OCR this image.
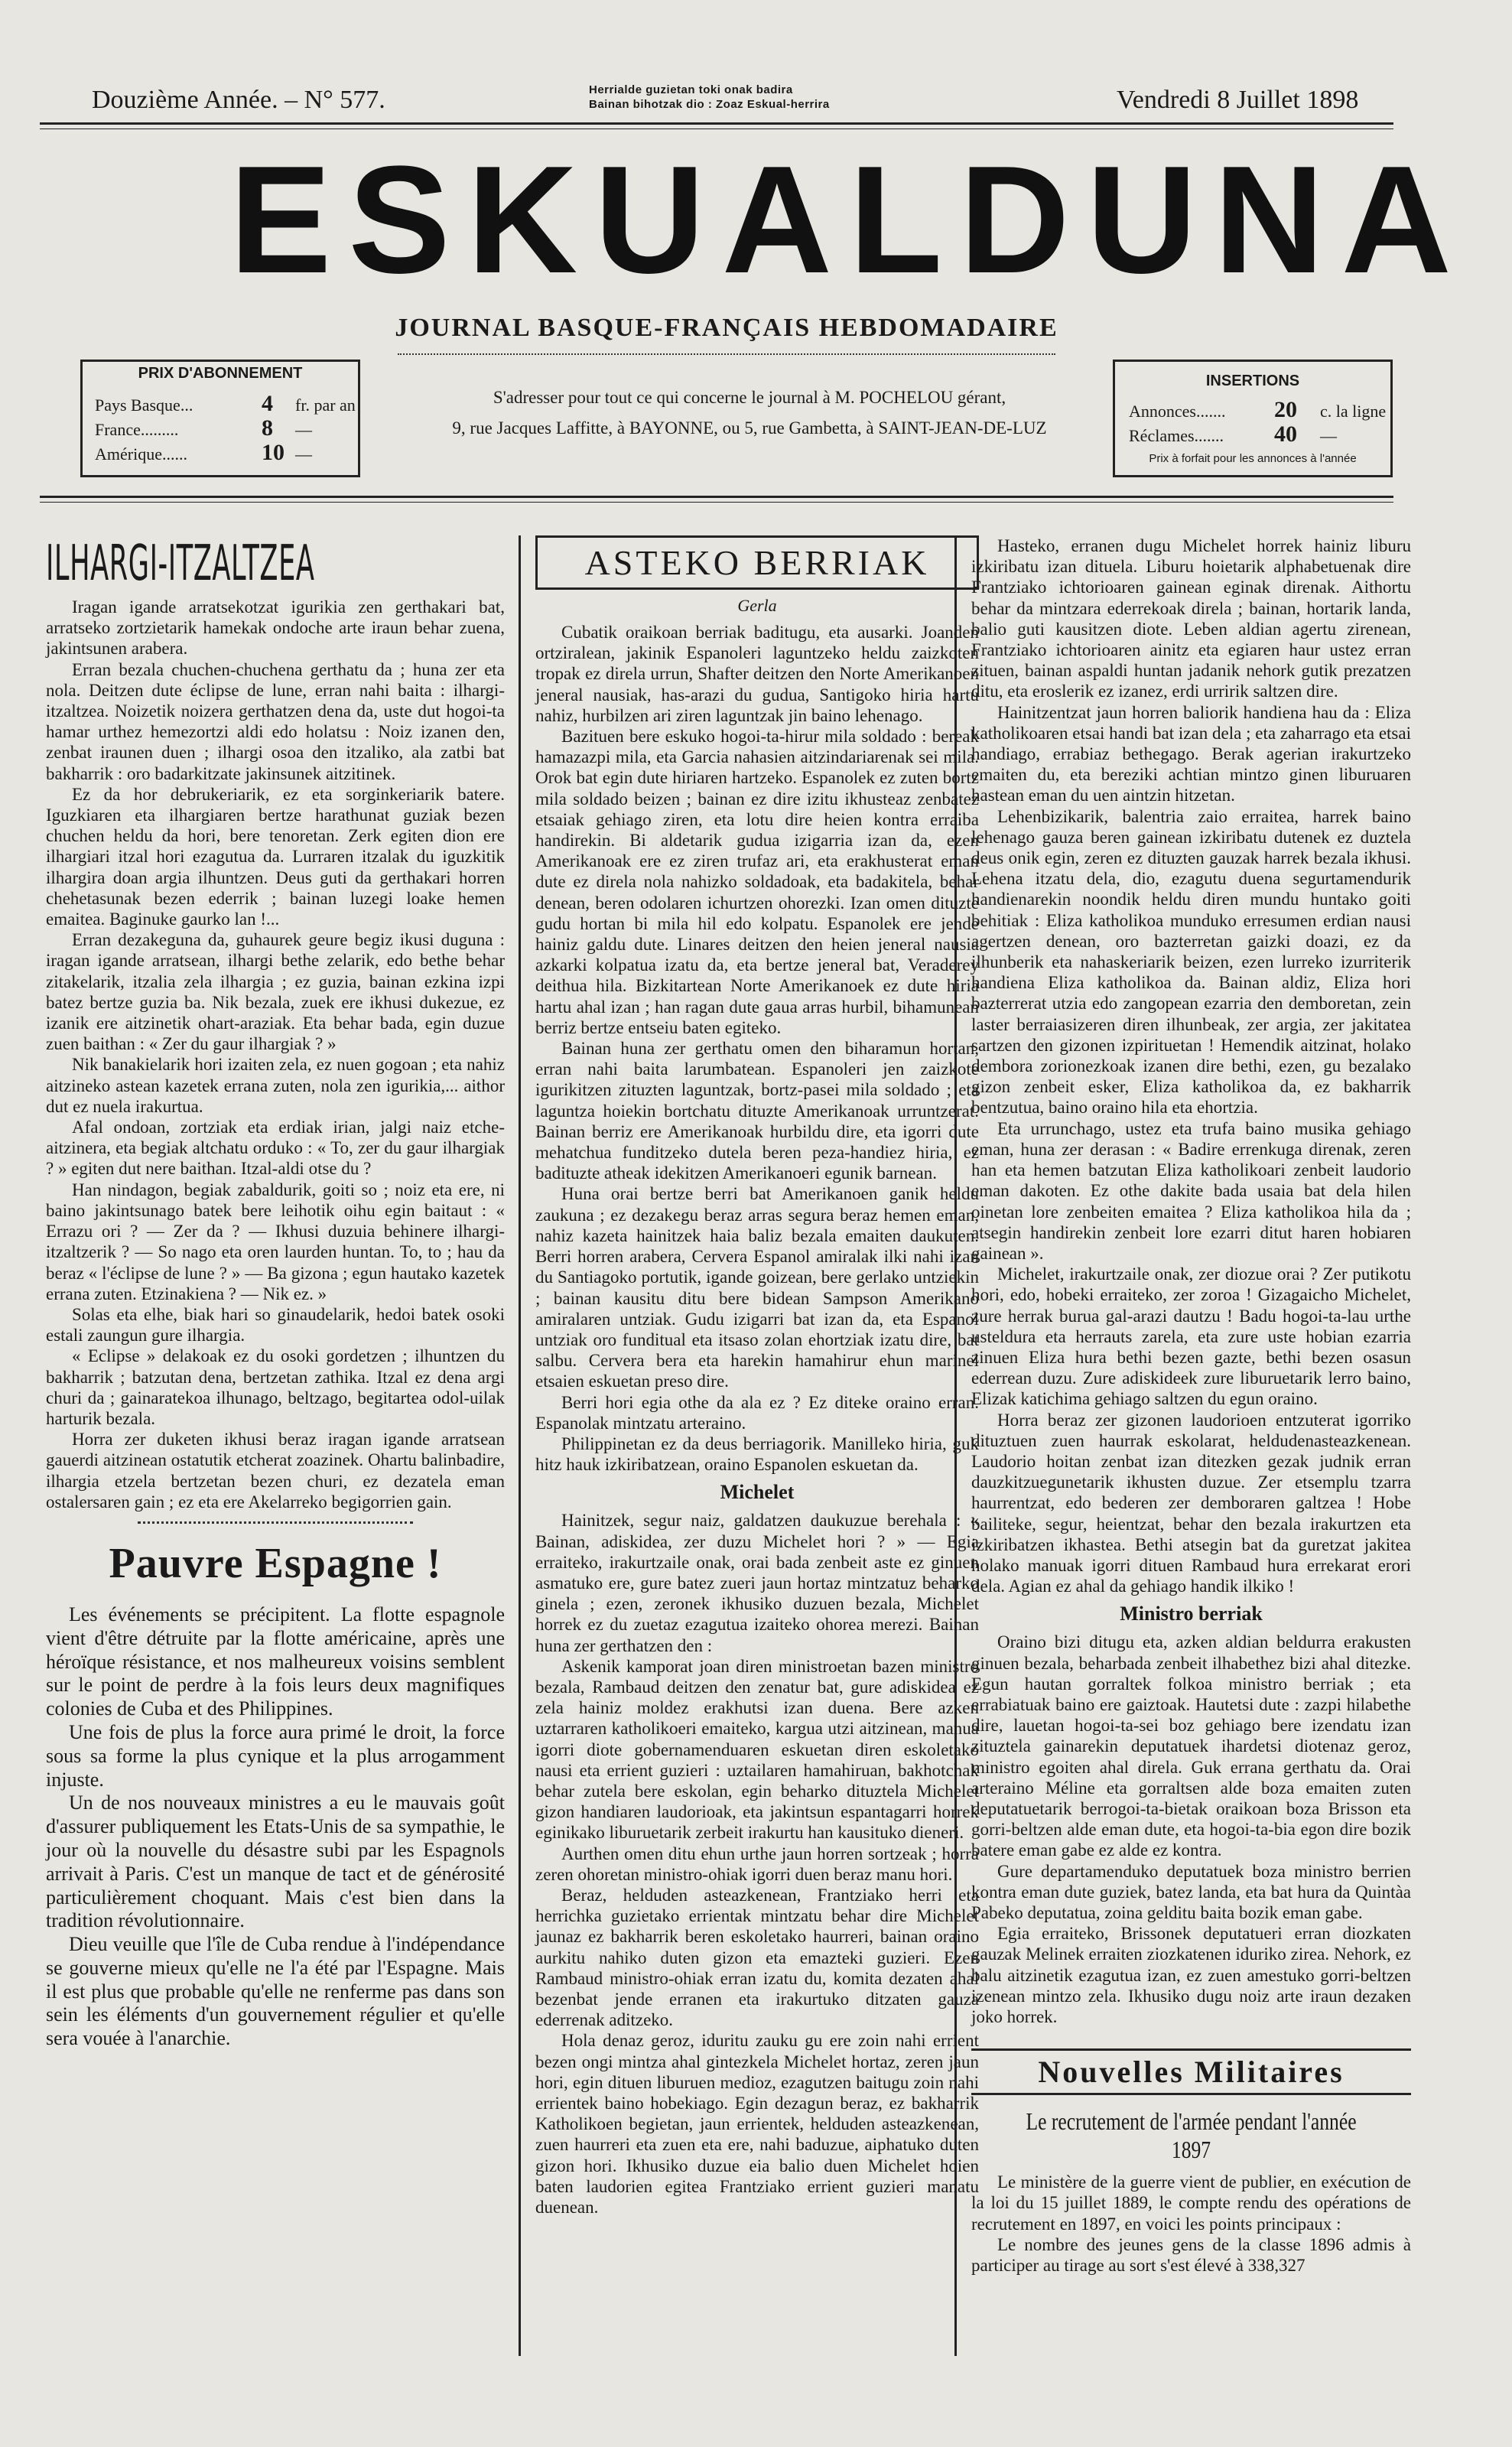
Douzième Année. – N° 577.	Herrialde guzietan toki onak badira
Bainan bihotzak dio : Zoaz Eskual-herrira	Vendredi 8 Juillet 1898
ESKUALDUNA
JOURNAL BASQUE-FRANÇAIS HEBDOMADAIRE
PRIX D'ABONNEMENT
Pays Basque...	4 fr. par an
France.........	8 —
Amérique......	10 —
S'adresser pour tout ce qui concerne le journal à M. POCHELOU gérant,
9, rue Jacques Laffitte, à BAYONNE, ou 5, rue Gambetta, à SAINT-JEAN-DE-LUZ
INSERTIONS
Annonces....... 20 c. la ligne
Réclames....... 40 —
Prix à forfait pour les annonces à l'année
ILHARGI-ITZALTZEA

Iragan igande arratsekotzat igurikia zen gerthakari bat, arratseko zortzietarik hamekak ondoche arte iraun behar zuena, jakintsunen arabera.

Erran bezala chuchen-chuchena gerthatu da ; huna zer eta nola. Deitzen dute éclipse de lune, erran nahi baita : ilhargi-itzaltzea. Noizetik noizera gerthatzen dena da, uste dut hogoi-ta hamar urthez hemezortzi aldi edo holatsu : Noiz izanen den, zenbat iraunen duen ; ilhargi osoa den itzaliko, ala zatbi bat bakharrik : oro badarkitzate jakinsunek aitzitinek.

Ez da hor debrukeriarik, ez eta sorginkeriarik batere. Iguzkiaren eta ilhargiaren bertze harathunat guziak bezen chuchen heldu da hori, bere tenoretan. Zerk egiten dion ere ilhargiari itzal hori ezagutua da. Lurraren itzalak du iguzkitik ilhargira doan argia ilhuntzen. Deus guti da gerthakari horren chehetasunak bezen ederrik ; bainan luzegi loake hemen emaitea. Baginuke gaurko lan !...

Erran dezakeguna da, guhaurek geure begiz ikusi duguna : iragan igande arratsean, ilhargi bethe zelarik, edo bethe behar zitakelarik, itzalia zela ilhargia ; ez guzia, bainan ezkina izpi batez bertze guzia ba. Nik bezala, zuek ere ikhusi dukezue, ez izanik ere aitzinetik ohart-araziak. Eta behar bada, egin duzue zuen baithan : « Zer du gaur ilhargiak ? »

Nik banakielarik hori izaiten zela, ez nuen gogoan ; eta nahiz aitzineko astean kazetek errana zuten, nola zen igurikia,... aithor dut ez nuela irakurtua.

Afal ondoan, zortziak eta erdiak irian, jalgi naiz etche-aitzinera, eta begiak altchatu orduko : « To, zer du gaur ilhargiak ? » egiten dut nere baithan. Itzal-aldi otse du ?

Han nindagon, begiak zabaldurik, goiti so ; noiz eta ere, ni baino jakintsunago batek bere leihotik oihu egin baitaut : « Errazu ori ? — Zer da ? — Ikhusi duzuia behinere ilhargi-itzaltzerik ? — So nago eta oren laurden huntan. To, to ; hau da beraz « l'éclipse de lune ? » — Ba gizona ; egun hautako kazetek errana zuten. Etzinakiena ? — Nik ez. »

Solas eta elhe, biak hari so ginaudelarik, hedoi batek osoki estali zaungun gure ilhargia.

« Eclipse » delakoak ez du osoki gordetzen ; ilhuntzen du bakharrik ; batzutan dena, bertzetan zathika. Itzal ez dena argi churi da ; gainaratekoa ilhunago, beltzago, begitartea odol-uilak harturik bezala.

Horra zer duketen ikhusi beraz iragan igande arratsean gauerdi aitzinean ostatutik etcherat zoazinek. Ohartu balinbadire, ilhargia etzela bertzetan bezen churi, ez dezatela eman ostalersaren gain ; ez eta ere Akelarreko begigorrien gain.

Pauvre Espagne !

Les événements se précipitent. La flotte espagnole vient d'être détruite par la flotte américaine, après une héroïque résistance, et nos malheureux voisins semblent sur le point de perdre à la fois leurs deux magnifiques colonies de Cuba et des Philippines.

Une fois de plus la force aura primé le droit, la force sous sa forme la plus cynique et la plus arrogamment injuste.

Un de nos nouveaux ministres a eu le mauvais goût d'assurer publiquement les Etats-Unis de sa sympathie, le jour où la nouvelle du désastre subi par les Espagnols arrivait à Paris. C'est un manque de tact et de générosité particulièrement choquant. Mais c'est bien dans la tradition révolutionnaire.

Dieu veuille que l'île de Cuba rendue à l'indépendance se gouverne mieux qu'elle ne l'a été par l'Espagne. Mais il est plus que probable qu'elle ne renferme pas dans son sein les éléments d'un gouvernement régulier et qu'elle sera vouée à l'anarchie.

ASTEKO BERRIAK
Gerla

Cubatik oraikoan berriak baditugu, eta ausarki. Joanden ortziralean, jakinik Espanoleri laguntzeko heldu zaizkoten tropak ez direla urrun, Shafter deitzen den Norte Amerikanoen jeneral nausiak, has-arazi du gudua, Santigoko hiria hartu nahiz, hurbilzen ari ziren laguntzak jin baino lehenago.

Bazituen bere eskuko hogoi-ta-hirur mila soldado : bereak hamazazpi mila, eta Garcia nahasien aitzindariarenak sei mila. Orok bat egin dute hiriaren hartzeko. Espanolek ez zuten bortz mila soldado beizen ; bainan ez dire izitu ikhusteaz zenbatez etsaiak gehiago ziren, eta lotu dire heien kontra erraiba handirekin. Bi aldetarik gudua izigarria izan da, ezen Amerikanoak ere ez ziren trufaz ari, eta erakhusterat eman dute ez direla nola nahizko soldadoak, eta badakitela, behar denean, beren odolaren ichurtzen ohorezki. Izan omen dituzte gudu hortan bi mila hil edo kolpatu. Espanolek ere jende hainiz galdu dute. Linares deitzen den heien jeneral nausia azkarki kolpatua izatu da, eta bertze jeneral bat, Veraderey deithua hila. Bizkitartean Norte Amerikanoek ez dute hiria hartu ahal izan ; han ragan dute gaua arras hurbil, bihamunean berriz bertze entseiu baten egiteko.

Bainan huna zer gerthatu omen den biharamun hortan, erran nahi baita larumbatean. Espanoleri jen zaizkote igurikitzen zituzten laguntzak, bortz-pasei mila soldado ; eta laguntza hoiekin bortchatu dituzte Amerikanoak urruntzerat. Bainan berriz ere Amerikanoak hurbildu dire, eta igorri dute mehatchua funditzeko dutela beren peza-handiez hiria, ez badituzte atheak idekitzen Amerikanoeri egunik barnean.

Huna orai bertze berri bat Amerikanoen ganik heldu zaukuna ; ez dezakegu beraz arras segura beraz hemen eman, nahiz kazeta hainitzek haia baliz bezala emaiten daukuten. Berri horren arabera, Cervera Espanol amiralak ilki nahi izan du Santiagoko portutik, igande goizean, bere gerlako untziekin ; bainan kausitu ditu bere bidean Sampson Amerikano amiralaren untziak. Gudu izigarri bat izan da, eta Espanol untziak oro funditual eta itsaso zolan ehortziak izatu dire, bat salbu. Cervera bera eta harekin hamahirur ehun marinel etsaien eskuetan preso dire.

Berri hori egia othe da ala ez ? Ez ditekе oraino erran. Espanolak mintzatu arteraino.

Philippinetan ez da deus berriagorik. Manilleko hiria, guk hitz hauk izkiribatzean, oraino Espanolen eskuetan da.

Michelet

Hainitzek, segur naiz, galdatzen daukuzue berehala : « Bainan, adiskidea, zer duzu Michelet hori ? » — Egia erraiteko, irakurtzaile onak, orai bada zenbeit aste ez ginuen asmatuko ere, gure batez zueri jaun hortaz mintzatuz beharko ginela ; ezen, zeronek ikhusiko duzuen bezala, Michelet horrek ez du zuetaz ezagutua izaiteko ohorea merezi. Bainan huna zer gerthatzen den :

Askenik kamporat joan diren ministroetan bazen ministro bezala, Rambaud deitzen den zenatur bat, gure adiskidea ez zela hainiz moldez erakhutsi izan duena. Bere azken uztarraren katholikoeri emaiteko, kargua utzi aitzinean, manua igorri diote gobernamenduaren eskuetan diren eskoletako nausi eta errient guzieri : uztailaren hamahiruan, bakhotchak behar zutela bere eskolan, egin beharko dituztela Michelet gizon handiaren laudorioak, eta jakintsun espantagarri horrek eginikako liburuetarik zerbeit irakurtu han kausituko dieneri.

Aurthen omen ditu ehun urthe jaun horren sortzeak ; horra zeren ohoretan ministro-ohiak igorri duen beraz manu hori.

Beraz, helduden asteazkenean, Frantziako herri eta herrichka guzietako errientak mintzatu behar dire Michelet jaunaz ez bakharrik beren eskoletako haurreri, bainan oraino aurkitu nahiko duten gizon eta emazteki guzieri. Ezen Rambaud ministro-ohiak erran izatu du, komita dezaten ahal bezenbat jende erranen eta irakurtuko ditzaten gauza ederrenak aditzeko.

Hola denaz geroz, iduritu zauku gu ere zoin nahi errient bezen ongi mintza ahal gintezkela Michelet hortaz, zeren jaun hori, egin dituen liburuen medioz, ezagutzen baitugu zoin nahi errientek baino hobekiago. Egin dezagun beraz, ez bakharrik Katholikoen begietan, jaun errientek, helduden asteazkenean, zuen haurreri eta zuen eta ere, nahi baduzue, aiphatuko duten gizon hori. Ikhusiko duzue eia balio duen Michelet hoien baten laudorien egitea Frantziako errient guzieri manatu duenean.

Hasteko, erranen dugu Michelet horrek hainiz liburu izkiribatu izan dituela. Liburu hoietarik alphabetuenak dire Frantziako ichtorioaren gainean eginak direnak. Aithortu behar da mintzara ederrekoak direla ; bainan, hortarik landa, balio guti kausitzen diote. Leben aldian agertu zirenean, Frantziako ichtorioaren ainitz eta egiaren haur ustez erran zituen, bainan aspaldi huntan jadanik nehork gutik prezatzen ditu, eta eroslerik ez izanez, erdi urririk saltzen dire.

Hainitzentzat jaun horren baliorik handiena hau da : Eliza katholikoaren etsai handi bat izan dela ; eta zaharrago eta etsai handiago, errabiaz bethegago. Berak agerian irakurtzeko emaiten du, eta bereziki achtian mintzo ginen liburuaren hastean eman du uen aintzin hitzetan.

Lehenbizikarik, balentria zaio erraitea, harrek baino lehenago gauza beren gainean izkiribatu dutenek ez duztela deus onik egin, zeren ez dituzten gauzak harrek bezala ikhusi. Lehena itzatu dela, dio, ezagutu duena segurtamendurik handienarekin noondik heldu diren mundu huntako goiti behitiak : Eliza katholikoa munduko erresumen erdian nausi agertzen denean, oro bazterretan gaizki doazi, ez da ilhunberik eta nahaskeriarik beizen, ezen lurreko izurriterik handiena Eliza katholikoa da. Bainan aldiz, Eliza hori bazterrerat utzia edo zangopean ezarria den demboretan, zein laster berraiasizeren diren ilhunbeak, zer argia, zer jakitatea sartzen den gizonen izpirituetan ! Hemendik aitzinat, holako dembora zorionezkoak izanen dire bethi, ezen, gu bezalako gizon zenbeit esker, Eliza katholikoa da, ez bakharrik bentzutua, baino oraino hila eta ehortzia.

Eta urrunchago, ustez eta trufa baino musika gehiago eman, huna zer derasan : « Badire errenkuga direnak, zeren han eta hemen batzutan Eliza katholikoari zenbeit laudorio eman dakoten. Ez othe dakite bada usaia bat dela hilen oinetan lore zenbeiten emaitea ? Eliza katholikoa hila da ; atsegin handirekin zenbeit lore ezarri ditut haren hobiaren gainean ».

Michelet, irakurtzaile onak, zer diozue orai ? Zer putikotu hori, edo, hobeki erraiteko, zer zoroa ! Gizagaicho Michelet, zure herrak burua gal-arazi dautzu ! Badu hogoi-ta-lau urthe usteldura eta herrauts zarela, eta zure uste hobian ezarria zinuen Eliza hura bethi bezen gazte, bethi bezen osasun ederrean duzu. Zure adiskideek zure liburuetarik lerro baino, Elizak katichima gehiago saltzen du egun oraino.

Horra beraz zer gizonen laudorioen entzuterat igorriko dituztuen zuen haurrak eskolarat, heldudenasteazkenean. Laudorio hoitan zenbat izan ditezken gezak judnik erran dauzkitzuegunetarik ikhusten duzue. Zer etsemplu tzarra haurrentzat, edo bederen zer demboraren galtzea ! Hobe bailiteke, segur, heientzat, behar den bezala irakurtzen eta izkiribatzen ikhastea. Bethi atsegin bat da guretzat jakitea holako manuak igorri dituen Rambaud hura errekarat erori dela. Agian ez ahal da gehiago handik ilkiko !

Ministro berriak

Oraino bizi ditugu eta, azken aldian beldurra erakusten ginuen bezala, beharbada zenbeit ilhabethez bizi ahal ditezke. Egun hautan gorraltek folkoa ministro berriak ; eta errabiatuak baino ere gaiztoak. Hautetsi dute : zazpi hilabethe dire, lauetan hogoi-ta-sei boz gehiago bere izendatu izan zituztela gainarekin deputatuek ihardetsi diotenaz geroz, ministro egoiten ahal direla. Guk errana gerthatu da. Orai arteraino Méline eta gorraltsen alde boza emaiten zuten deputatuetarik berrogoi-ta-bietak oraikoan boza Brisson eta gorri-beltzen alde eman dute, eta hogoi-ta-bia egon dire bozik batere eman gabe ez alde ez kontra.

Gure departamenduko deputatuek boza ministro berrien kontra eman dute guziek, batez landa, eta bat hura da Quintàa Pabeko deputatua, zoina gelditu baita bozik eman gabe.

Egia erraiteko, Brissonek deputatueri erran diozkaten gauzak Melinek erraiten ziozkatenen iduriko zirea. Nehork, ez balu aitzinetik ezagutua izan, ez zuen amestuko gorri-beltzen izenean mintzo zela. Ikhusiko dugu noiz arte iraun dezaken joko horrek.

Nouvelles Militaires
Le recrutement de l'armée pendant l'année 1897

Le ministère de la guerre vient de publier, en exécution de la loi du 15 juillet 1889, le compte rendu des opérations de recrutement en 1897, en voici les points principaux :

Le nombre des jeunes gens de la classe 1896 admis à participer au tirage au sort s'est élevé à 338,327
